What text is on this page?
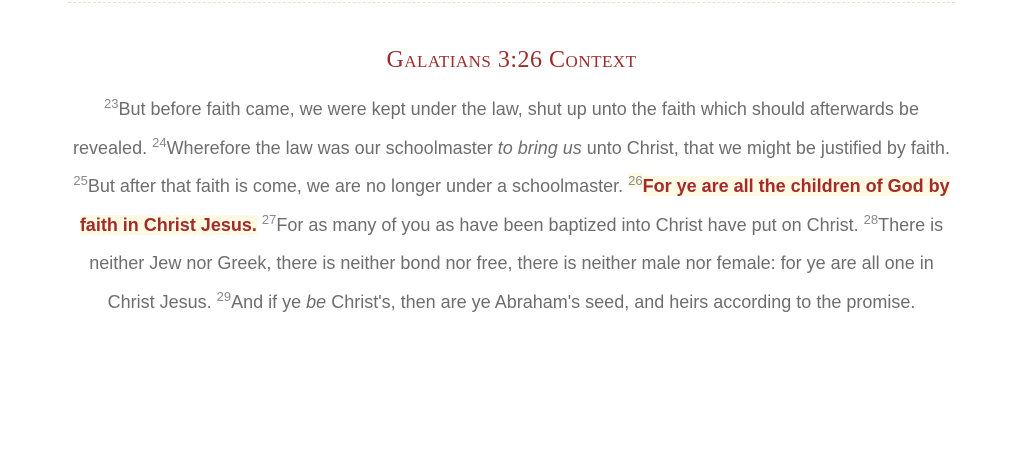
Galatians 3:26 Context

$^{23}$But before faith came, we were kept under the law, shut up unto the faith which should afterwards be revealed. $^{24}$Wherefore the law was our schoolmaster to bring us unto Christ, that we might be justified by faith. $^{25}$But after that faith is come, we are no longer under a schoolmaster. $^{26}$For ye are all the children of God by faith in Christ Jesus. $^{27}$For as many of you as have been baptized into Christ have put on Christ. $^{28}$There is neither Jew nor Greek, there is neither bond nor free, there is neither male nor female: for ye are all one in Christ Jesus. $^{29}$And if ye be Christ's, then are ye Abraham's seed, and heirs according to the promise.
